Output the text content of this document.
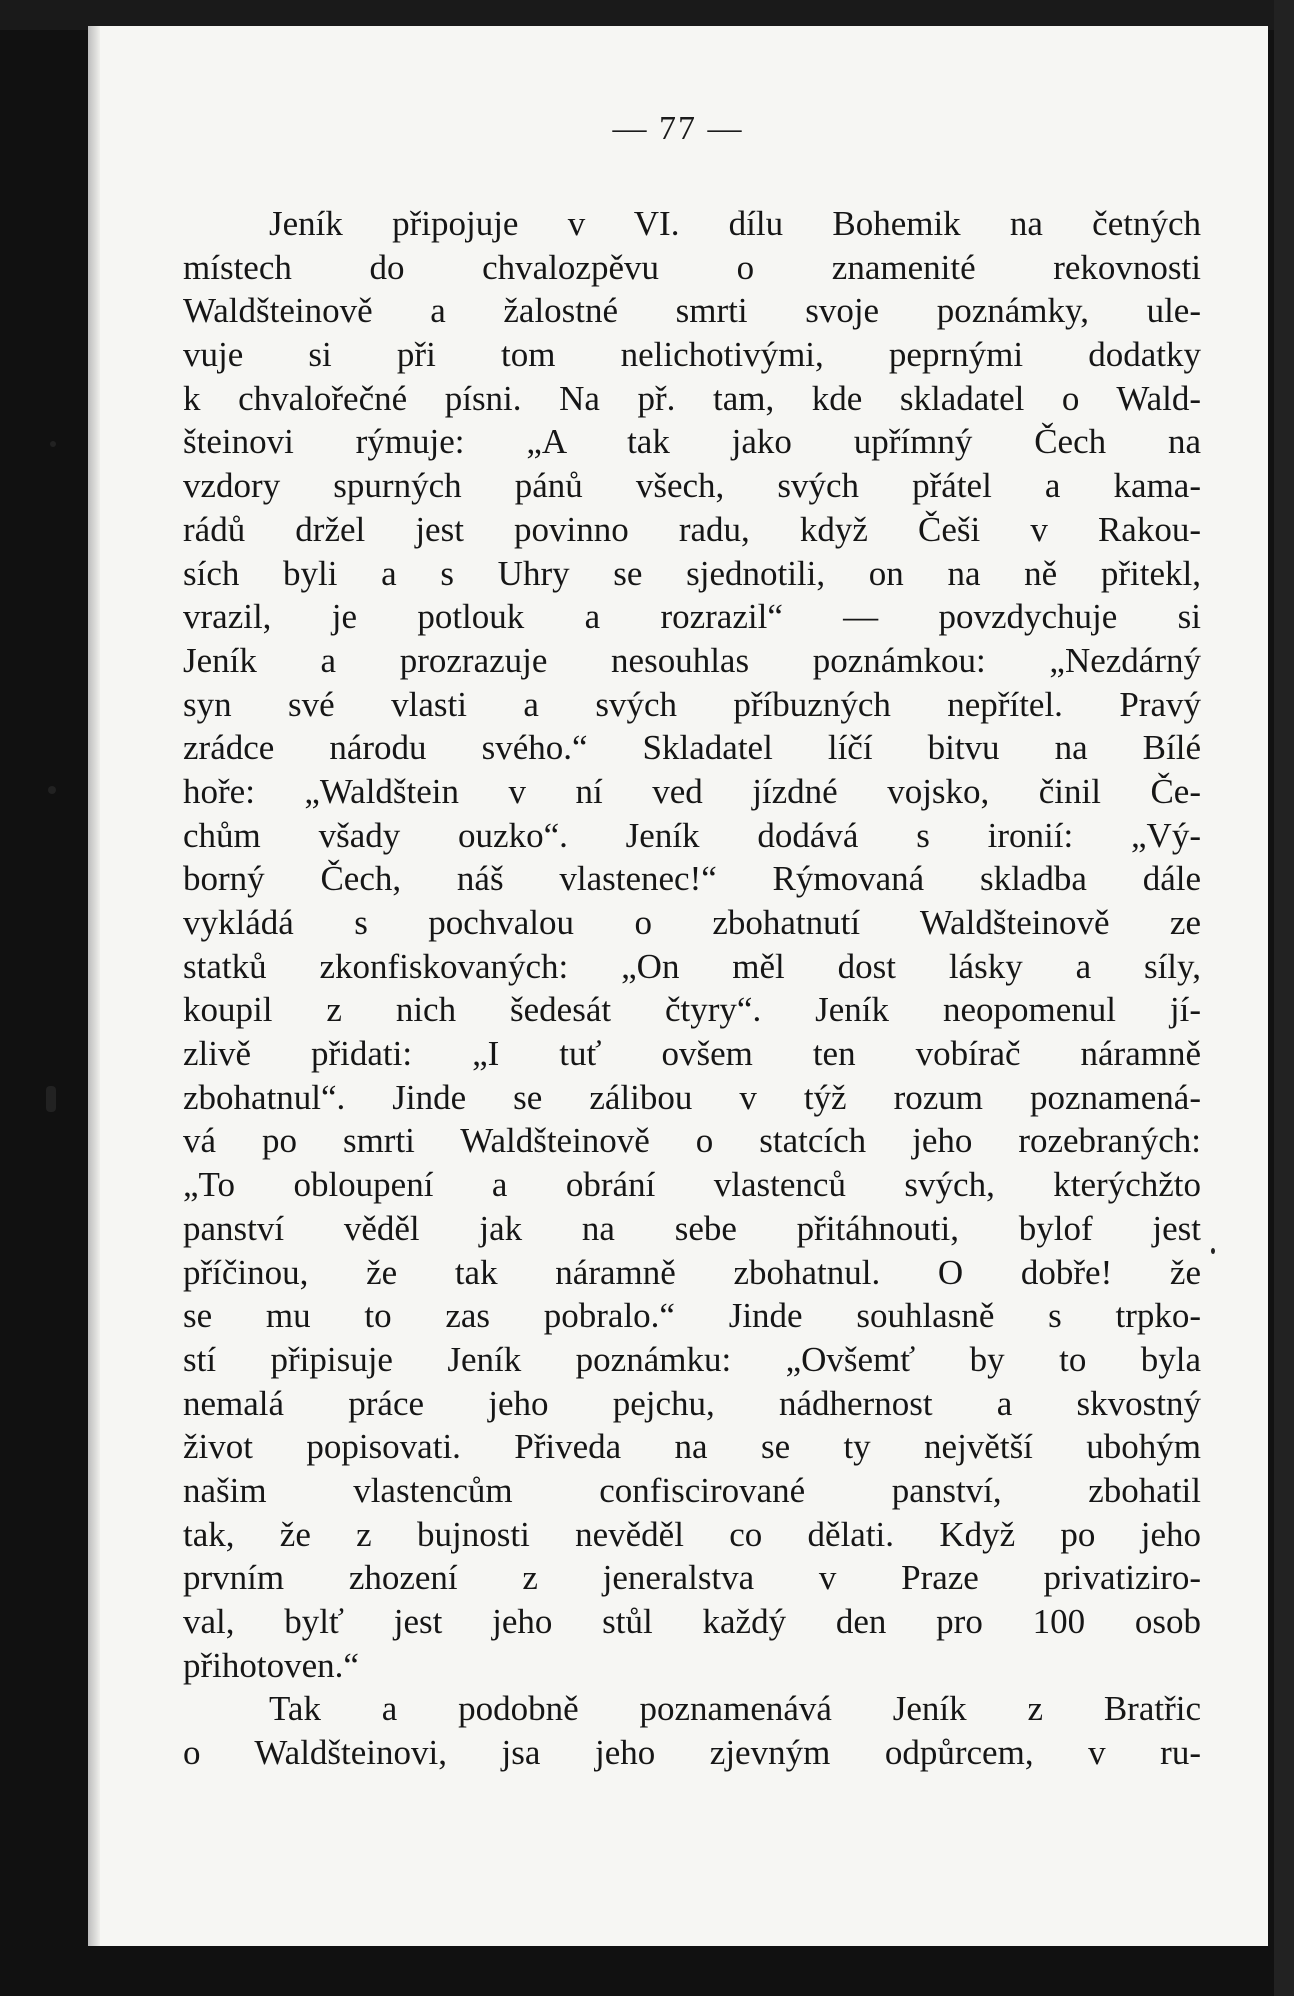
— 77 —
Jeník připojuje v VI. dílu Bohemik na četných
místech do chvalozpěvu o znamenité rekovnosti
Waldšteinově a žalostné smrti svoje poznámky, ule-
vuje si při tom nelichotivými, peprnými dodatky
k chvalořečné písni. Na př. tam, kde skladatel o Wald-
šteinovi rýmuje: „A tak jako upřímný Čech na
vzdory spurných pánů všech, svých přátel a kama-
rádů držel jest povinno radu, když Češi v Rakou-
sích byli a s Uhry se sjednotili, on na ně přitekl,
vrazil, je potlouk a rozrazil“ — povzdychuje si
Jeník a prozrazuje nesouhlas poznámkou: „Nezdárný
syn své vlasti a svých příbuzných nepřítel. Pravý
zrádce národu svého.“ Skladatel líčí bitvu na Bílé
hoře: „Waldštein v ní ved jízdné vojsko, činil Če-
chům všady ouzko“. Jeník dodává s ironií: „Vý-
borný Čech, náš vlastenec!“ Rýmovaná skladba dále
vykládá s pochvalou o zbohatnutí Waldšteinově ze
statků zkonfiskovaných: „On měl dost lásky a síly,
koupil z nich šedesát čtyry“. Jeník neopomenul jí-
zlivě přidati: „I tuť ovšem ten vobírač náramně
zbohatnul“. Jinde se zálibou v týž rozum poznamená-
vá po smrti Waldšteinově o statcích jeho rozebraných:
„To obloupení a obrání vlastenců svých, kterýchžto
panství věděl jak na sebe přitáhnouti, bylof jest
příčinou, že tak náramně zbohatnul. O dobře! že
se mu to zas pobralo.“ Jinde souhlasně s trpko-
stí připisuje Jeník poznámku: „Ovšemť by to byla
nemalá práce jeho pejchu, nádhernost a skvostný
život popisovati. Přiveda na se ty největší ubohým
našim vlastencům confiscirované panství, zbohatil
tak, že z bujnosti nevěděl co dělati. Když po jeho
prvním zhození z jeneralstva v Praze privatiziro-
val, bylť jest jeho stůl každý den pro 100 osob
přihotoven.“
Tak a podobně poznamenává Jeník z Bratřic
o Waldšteinovi, jsa jeho zjevným odpůrcem, v ru-
